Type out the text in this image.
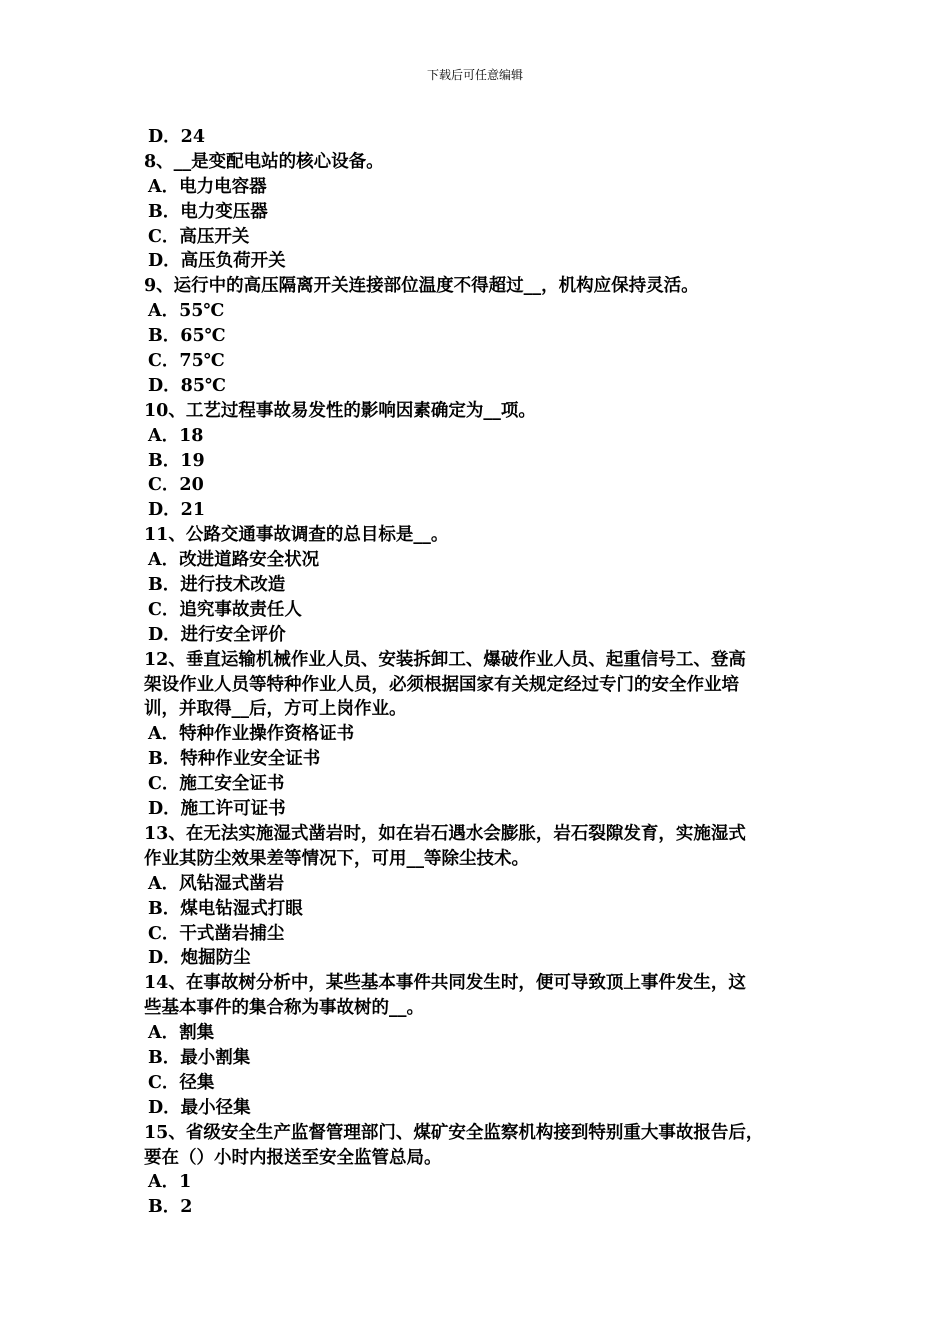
下载后可任意编辑
D．24
8、__是变配电站的核心设备。
A．电力电容器
B．电力变压器
C．高压开关
D．高压负荷开关
9、运行中的高压隔离开关连接部位温度不得超过__，机构应保持灵活。
A．55℃
B．65℃
C．75℃
D．85℃
10、工艺过程事故易发性的影响因素确定为__项。
A．18
B．19
C．20
D．21
11、公路交通事故调查的总目标是__。
A．改进道路安全状况
B．进行技术改造
C．追究事故责任人
D．进行安全评价
12、垂直运输机械作业人员、安装拆卸工、爆破作业人员、起重信号工、登高
架设作业人员等特种作业人员，必须根据国家有关规定经过专门的安全作业培
训，并取得__后，方可上岗作业。
A．特种作业操作资格证书
B．特种作业安全证书
C．施工安全证书
D．施工许可证书
13、在无法实施湿式凿岩时，如在岩石遇水会膨胀，岩石裂隙发育，实施湿式
作业其防尘效果差等情况下，可用__等除尘技术。
A．风钻湿式凿岩
B．煤电钻湿式打眼
C．干式凿岩捕尘
D．炮掘防尘
14、在事故树分析中，某些基本事件共同发生时，便可导致顶上事件发生，这
些基本事件的集合称为事故树的__。
A．割集
B．最小割集
C．径集
D．最小径集
15、省级安全生产监督管理部门、煤矿安全监察机构接到特别重大事故报告后，
要在（）小时内报送至安全监管总局。
A．1
B．2
